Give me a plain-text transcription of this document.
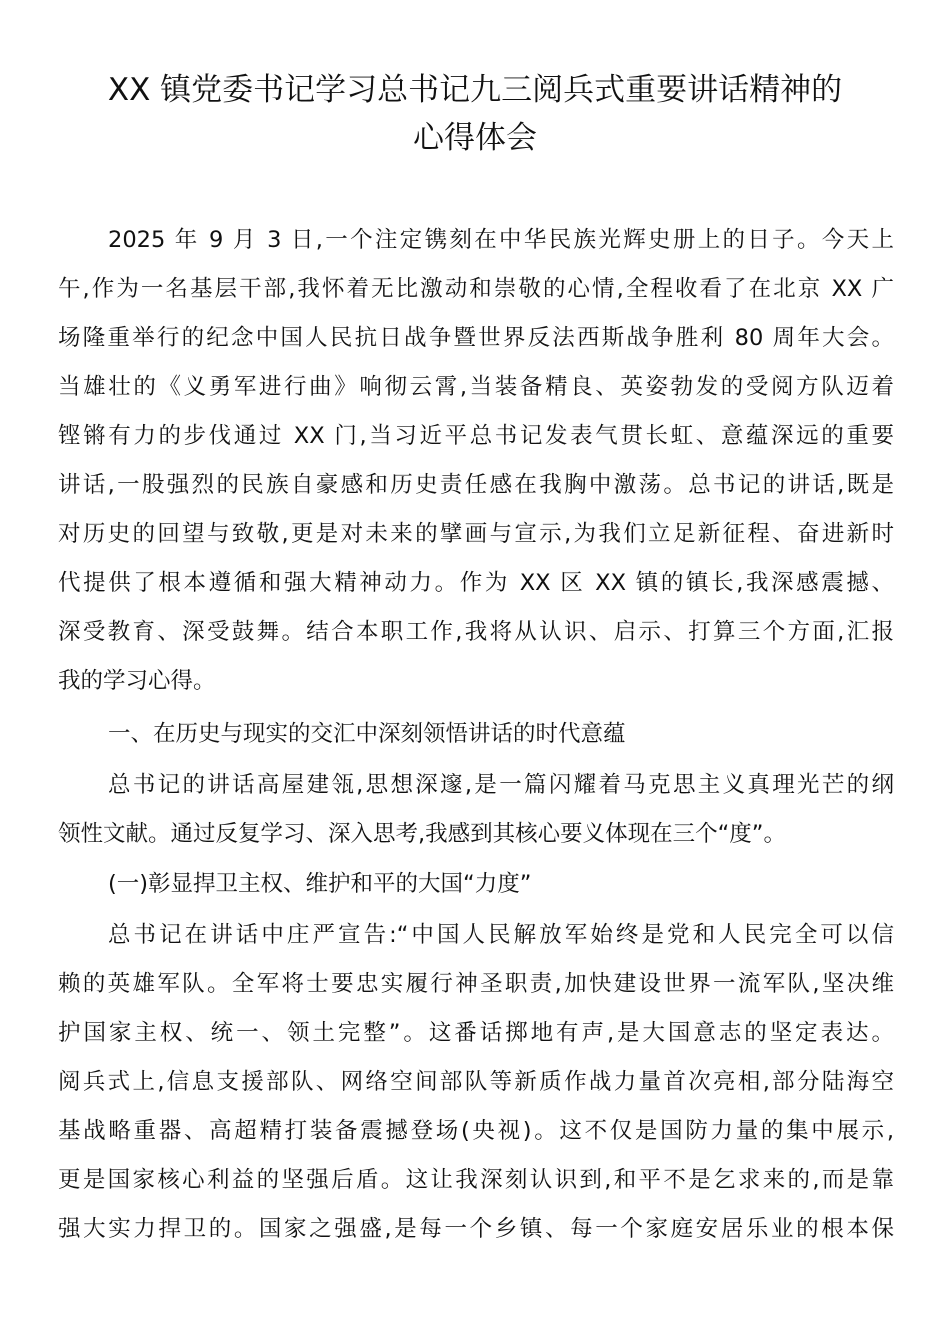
XX 镇党委书记学习总书记九三阅兵式重要讲话精神的
心得体会

2025 年 9 月 3 日,一个注定镌刻在中华民族光辉史册上的日子。今天上

午,作为一名基层干部,我怀着无比激动和崇敬的心情,全程收看了在北京 XX 广

场隆重举行的纪念中国人民抗日战争暨世界反法西斯战争胜利 80 周年大会。

当雄壮的《义勇军进行曲》响彻云霄,当装备精良、英姿勃发的受阅方队迈着

铿锵有力的步伐通过 XX 门,当习近平总书记发表气贯长虹、意蕴深远的重要

讲话,一股强烈的民族自豪感和历史责任感在我胸中激荡。总书记的讲话,既是

对历史的回望与致敬,更是对未来的擘画与宣示,为我们立足新征程、奋进新时

代提供了根本遵循和强大精神动力。作为 XX 区 XX 镇的镇长,我深感震撼、

深受教育、深受鼓舞。结合本职工作,我将从认识、启示、打算三个方面,汇报

我的学习心得。

一、在历史与现实的交汇中深刻领悟讲话的时代意蕴

总书记的讲话高屋建瓴,思想深邃,是一篇闪耀着马克思主义真理光芒的纲

领性文献。通过反复学习、深入思考,我感到其核心要义体现在三个“度”。

(一)彰显捍卫主权、维护和平的大国“力度”

总书记在讲话中庄严宣告:“中国人民解放军始终是党和人民完全可以信

赖的英雄军队。全军将士要忠实履行神圣职责,加快建设世界一流军队,坚决维

护国家主权、统一、领土完整”。这番话掷地有声,是大国意志的坚定表达。

阅兵式上,信息支援部队、网络空间部队等新质作战力量首次亮相,部分陆海空

基战略重器、高超精打装备震撼登场(央视)。这不仅是国防力量的集中展示,

更是国家核心利益的坚强后盾。这让我深刻认识到,和平不是乞求来的,而是靠

强大实力捍卫的。国家之强盛,是每一个乡镇、每一个家庭安居乐业的根本保
